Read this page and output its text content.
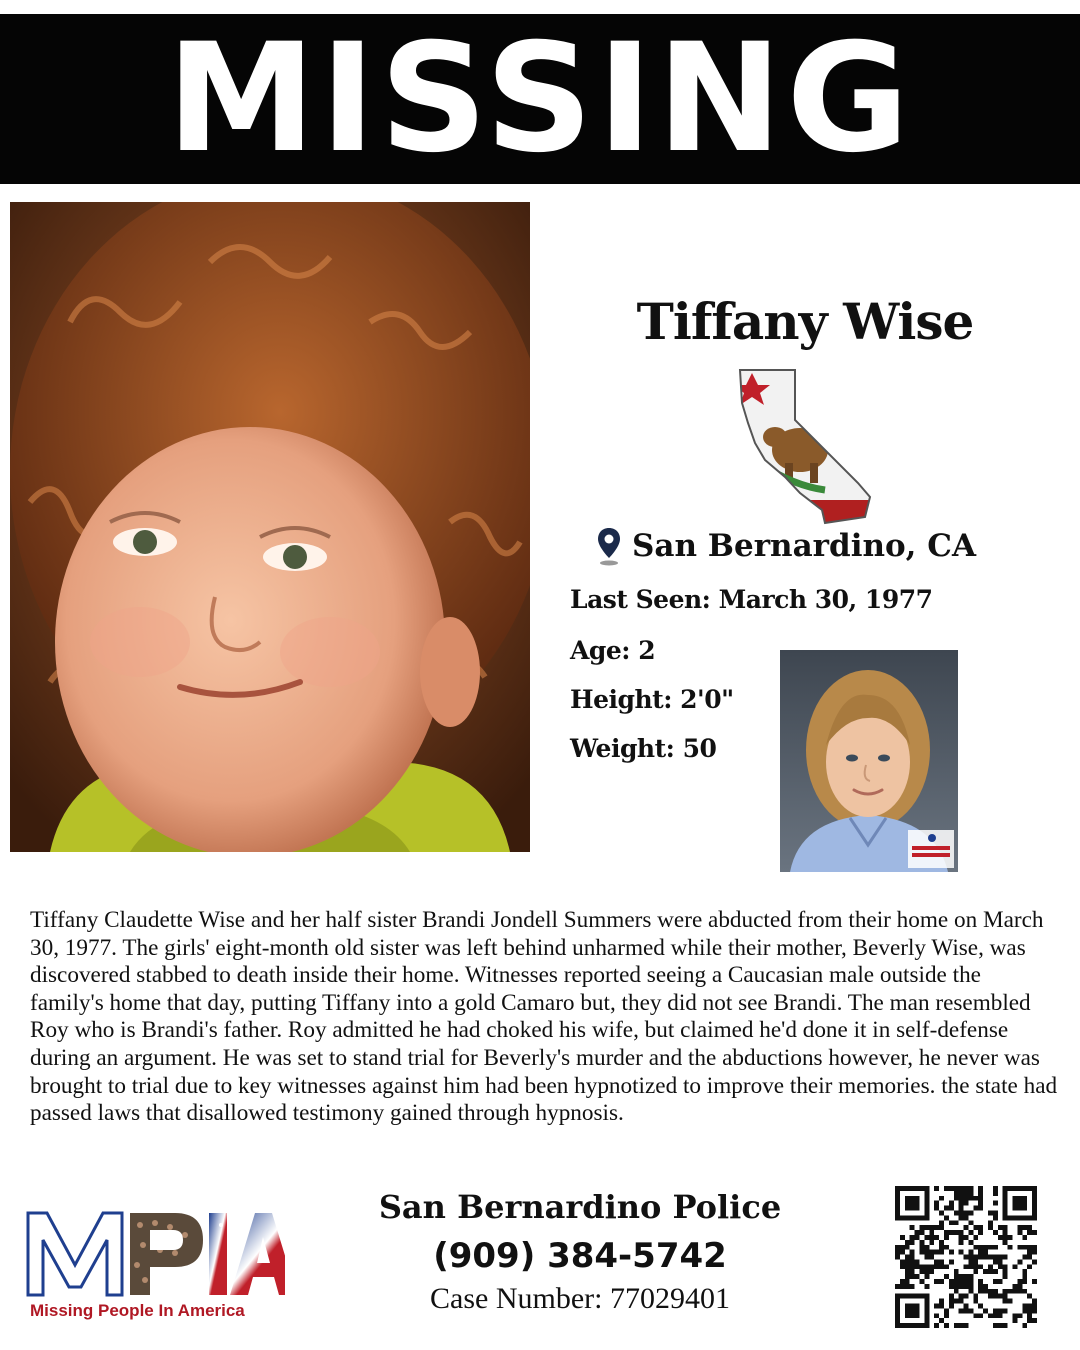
MISSING
Tiffany Wise
San Bernardino, CA
Last Seen: March 30, 1977
Age: 2
Height: 2'0"
Weight: 50
Tiffany Claudette Wise and her half sister Brandi Jondell Summers were abducted from their home on March 30, 1977. The girls' eight-month old sister was left behind unharmed while their mother, Beverly Wise, was discovered stabbed to death inside their home. Witnesses reported seeing a Caucasian male outside the family's home that day, putting Tiffany into a gold Camaro but, they did not see Brandi. The man resembled Roy who is Brandi's father. Roy admitted he had choked his wife, but claimed he'd done it in self-defense during an argument. He was set to stand trial for Beverly's murder and the abductions however, he never was brought to trial due to key witnesses against him had been hypnotized to improve their memories. the state had passed laws that disallowed testimony gained through hypnosis.
Missing People In America
San Bernardino Police
(909) 384-5742
Case Number: 77029401
